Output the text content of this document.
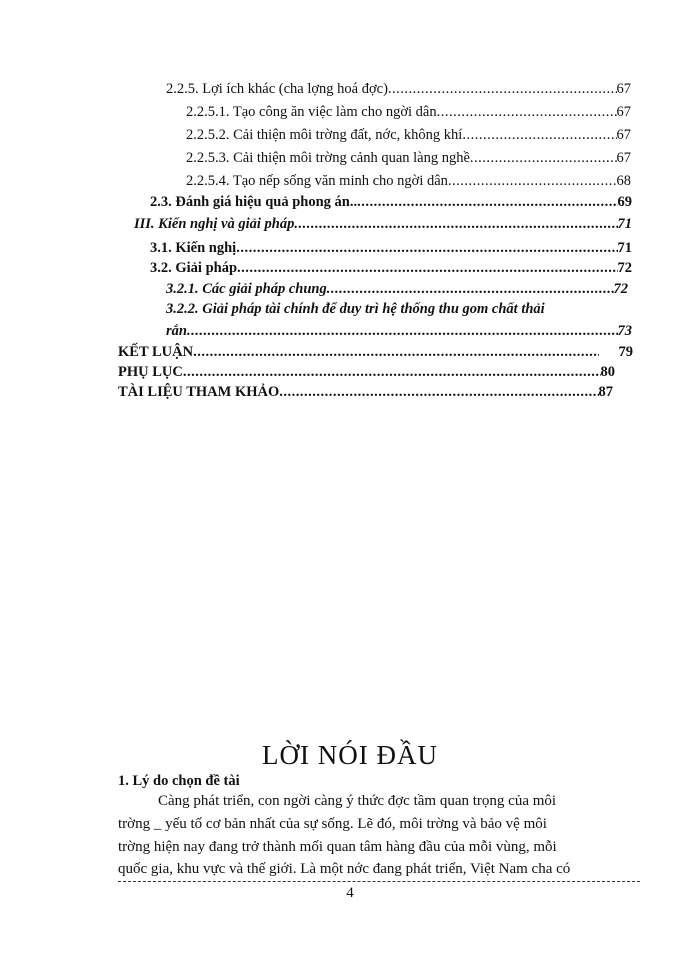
2.2.5. Lợi ích khác (cha lợng hoá đợc) .....	67
2.2.5.1. Tạo công ăn việc làm cho ngời dân .....	67
2.2.5.2. Cải thiện môi trờng đất, nớc, không khí .....	67
2.2.5.3. Cải thiện môi trờng cảnh quan làng nghề .....	67
2.2.5.4. Tạo nếp sống văn minh cho ngời dân .....	68
2.3. Đánh giá hiệu quả phong án.. .....	69
III. Kiến nghị và giải pháp .....	71
3.1. Kiến nghị .....	71
3.2. Giải pháp .....	72
3.2.1. Các giải pháp chung .....	72
3.2.2. Giải pháp tài chính để duy trì hệ thống thu gom chất thải
rắn .....	73
KẾT LUẬN .....	79
PHỤ LỤC .....	80
TÀI LIỆU THAM KHẢO .....	87
LỜI NÓI ĐẦU
1. Lý do chọn đề tài
Càng phát triển, con ngời càng ý thức đợc tầm quan trọng của môi
trờng _ yếu tố cơ bản nhất của sự sống. Lẽ đó, môi trờng và bảo vệ môi
trờng hiện nay đang trở thành mối quan tâm hàng đầu của mỗi vùng, mỗi
quốc gia, khu vực và thế giới. Là một nớc đang phát triển, Việt Nam cha có
4
